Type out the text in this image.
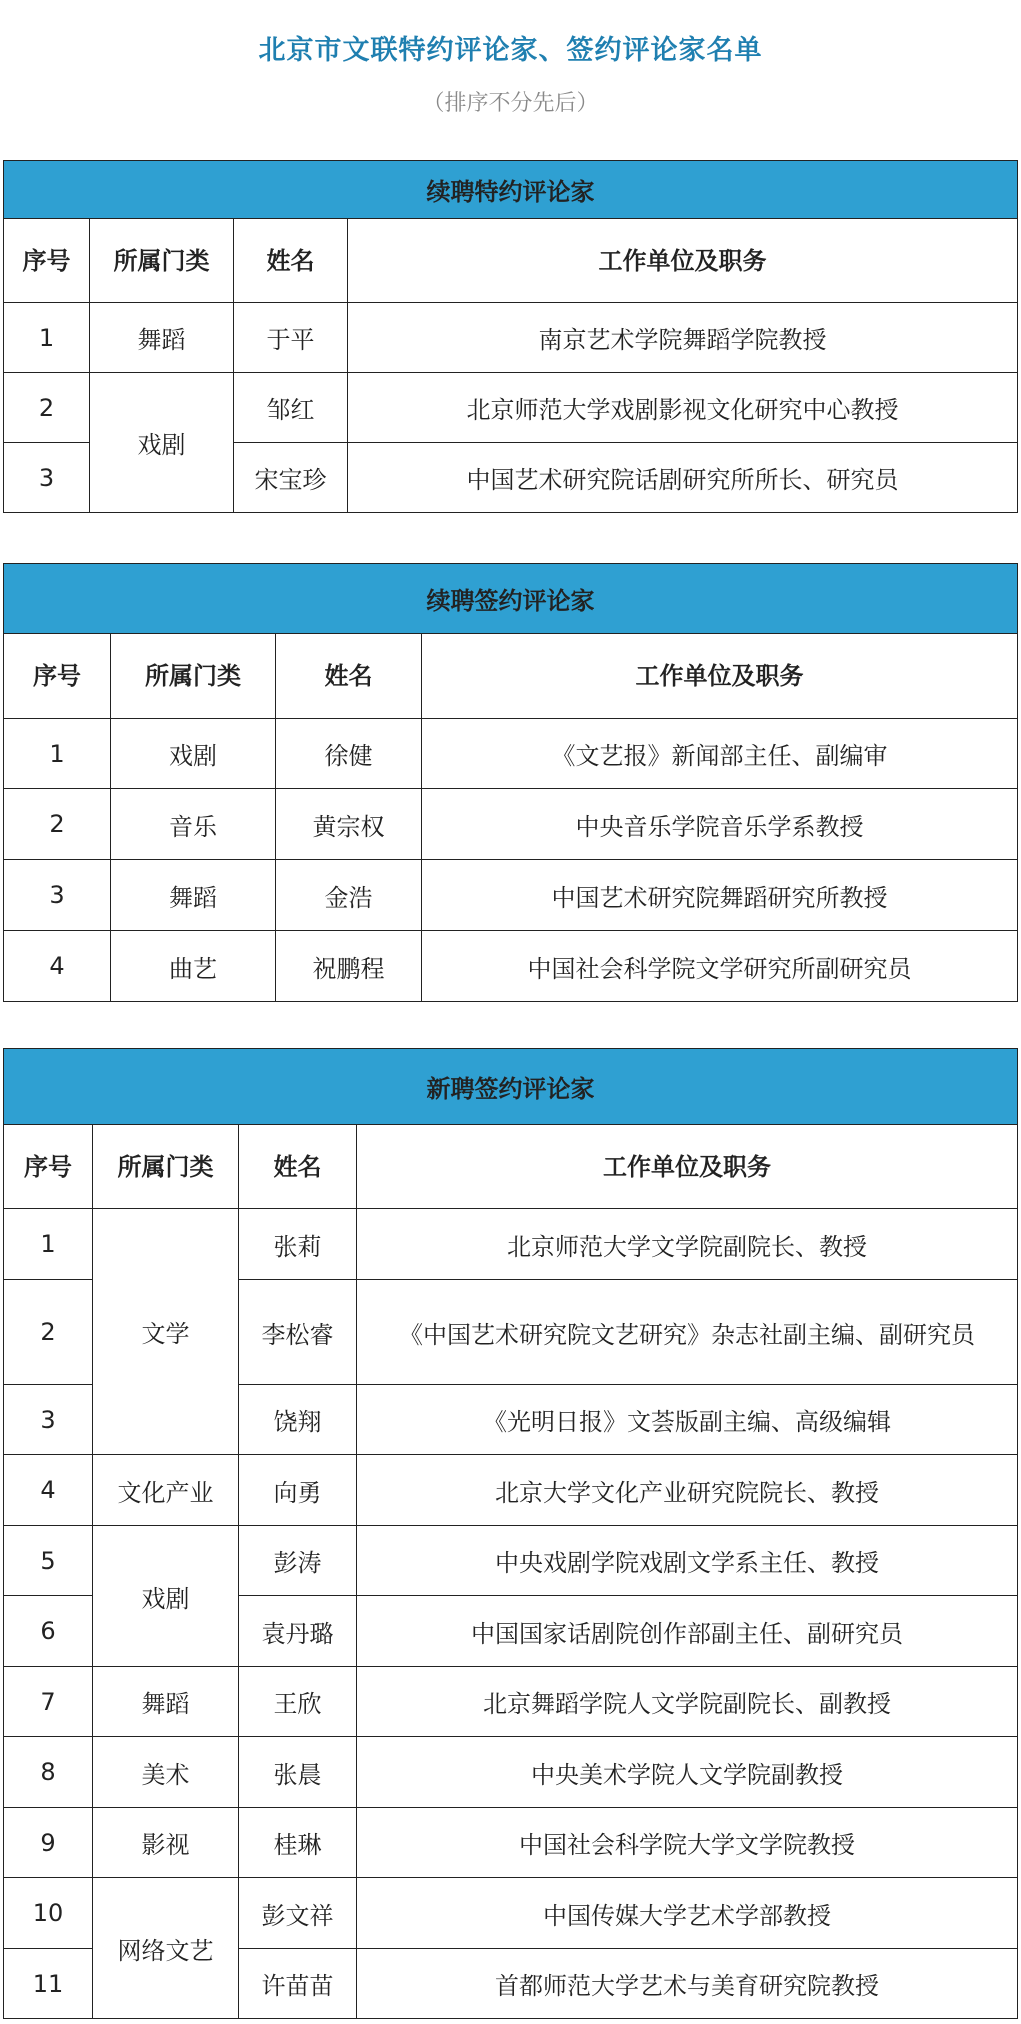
北京市文联特约评论家、签约评论家名单
（排序不分先后）
续聘特约评论家			
序号	所属门类	姓名	工作单位及职务
1	舞蹈	于平	南京艺术学院舞蹈学院教授
2	戏剧	邹红	北京师范大学戏剧影视文化研究中心教授
3		宋宝珍	中国艺术研究院话剧研究所所长、研究员
续聘签约评论家			
序号	所属门类	姓名	工作单位及职务
1	戏剧	徐健	《文艺报》新闻部主任、副编审
2	音乐	黄宗权	中央音乐学院音乐学系教授
3	舞蹈	金浩	中国艺术研究院舞蹈研究所教授
4	曲艺	祝鹏程	中国社会科学院文学研究所副研究员
新聘签约评论家			
序号	所属门类	姓名	工作单位及职务
1	文学	张莉	北京师范大学文学院副院长、教授
2		李松睿	《中国艺术研究院文艺研究》杂志社副主编、副研究员
3		饶翔	《光明日报》文荟版副主编、高级编辑
4	文化产业	向勇	北京大学文化产业研究院院长、教授
5	戏剧	彭涛	中央戏剧学院戏剧文学系主任、教授
6		袁丹璐	中国国家话剧院创作部副主任、副研究员
7	舞蹈	王欣	北京舞蹈学院人文学院副院长、副教授
8	美术	张晨	中央美术学院人文学院副教授
9	影视	桂琳	中国社会科学院大学文学院教授
10	网络文艺	彭文祥	中国传媒大学艺术学部教授
11		许苗苗	首都师范大学艺术与美育研究院教授
